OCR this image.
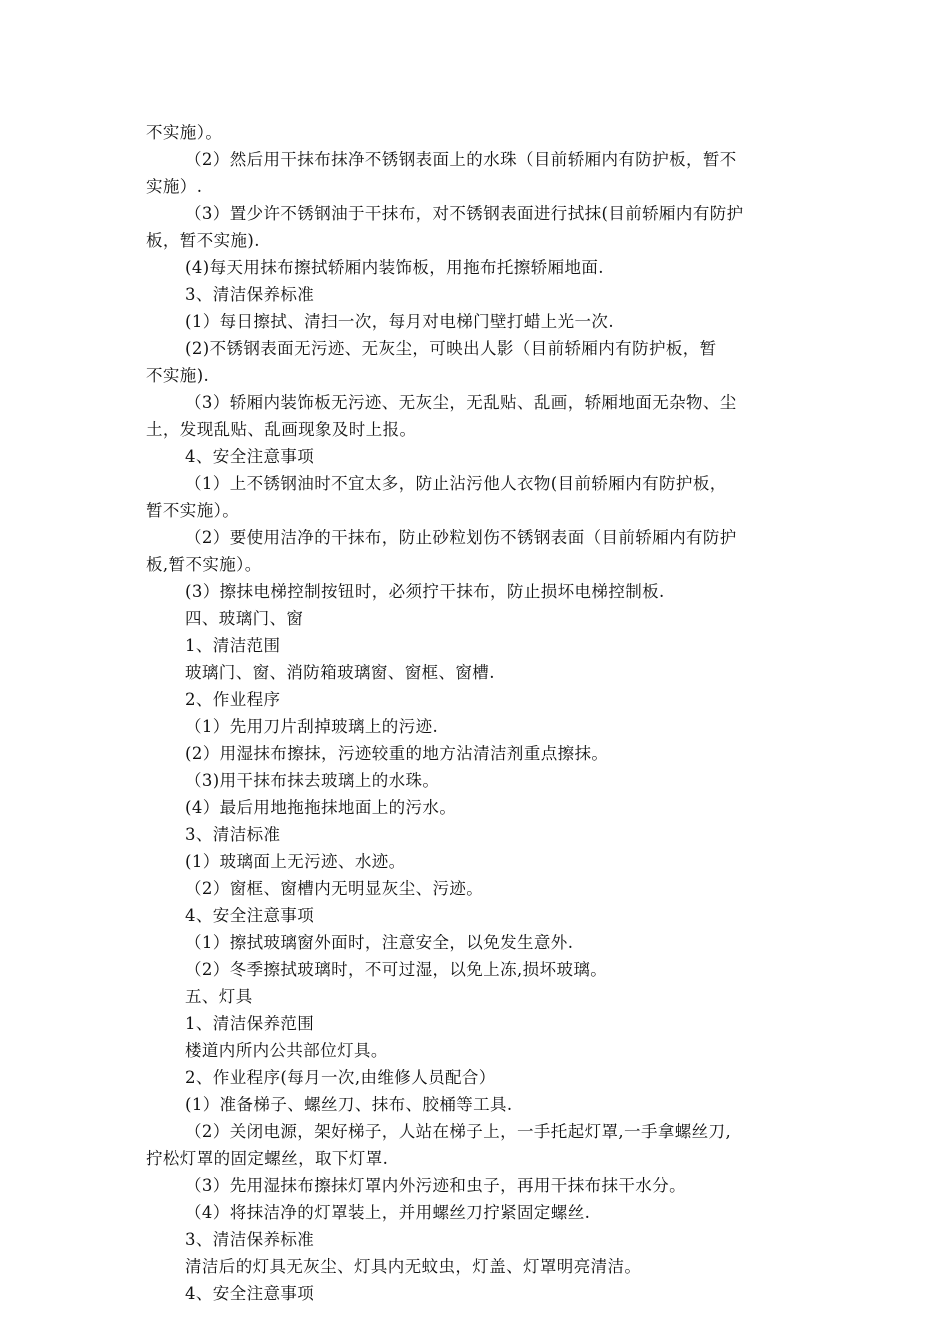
不实施）。
（2）然后用干抹布抹净不锈钢表面上的水珠（目前轿厢内有防护板，暂不
实施）.
（3）置少许不锈钢油于干抹布，对不锈钢表面进行拭抹(目前轿厢内有防护
板，暂不实施).
(4)每天用抹布擦拭轿厢内装饰板，用拖布托擦轿厢地面.
3、清洁保养标准
(1）每日擦拭、清扫一次，每月对电梯门壁打蜡上光一次.
(2)不锈钢表面无污迹、无灰尘，可映出人影（目前轿厢内有防护板，暂
不实施).
（3）轿厢内装饰板无污迹、无灰尘，无乱贴、乱画，轿厢地面无杂物、尘
土，发现乱贴、乱画现象及时上报。
4、安全注意事项
（1）上不锈钢油时不宜太多，防止沾污他人衣物(目前轿厢内有防护板，
暂不实施）。
（2）要使用洁净的干抹布，防止砂粒划伤不锈钢表面（目前轿厢内有防护
板,暂不实施）。
(3）擦抹电梯控制按钮时，必须拧干抹布，防止损坏电梯控制板.
四、玻璃门、窗
1、清洁范围
玻璃门、窗、消防箱玻璃窗、窗框、窗槽.
2、作业程序
（1）先用刀片刮掉玻璃上的污迹.
(2）用湿抹布擦抹，污迹较重的地方沾清洁剂重点擦抹。
（3)用干抹布抹去玻璃上的水珠。
(4）最后用地拖拖抹地面上的污水。
3、清洁标准
(1）玻璃面上无污迹、水迹。
（2）窗框、窗槽内无明显灰尘、污迹。
4、安全注意事项
（1）擦拭玻璃窗外面时，注意安全，以免发生意外.
（2）冬季擦拭玻璃时，不可过湿，以免上冻,损坏玻璃。
五、灯具
1、清洁保养范围
楼道内所内公共部位灯具。
2、作业程序(每月一次,由维修人员配合）
(1）准备梯子、螺丝刀、抹布、胶桶等工具.
（2）关闭电源，架好梯子，人站在梯子上，一手托起灯罩,一手拿螺丝刀,
拧松灯罩的固定螺丝，取下灯罩.
（3）先用湿抹布擦抹灯罩内外污迹和虫子，再用干抹布抹干水分。
（4）将抹洁净的灯罩装上，并用螺丝刀拧紧固定螺丝.
3、清洁保养标准
清洁后的灯具无灰尘、灯具内无蚊虫，灯盖、灯罩明亮清洁。
4、安全注意事项
